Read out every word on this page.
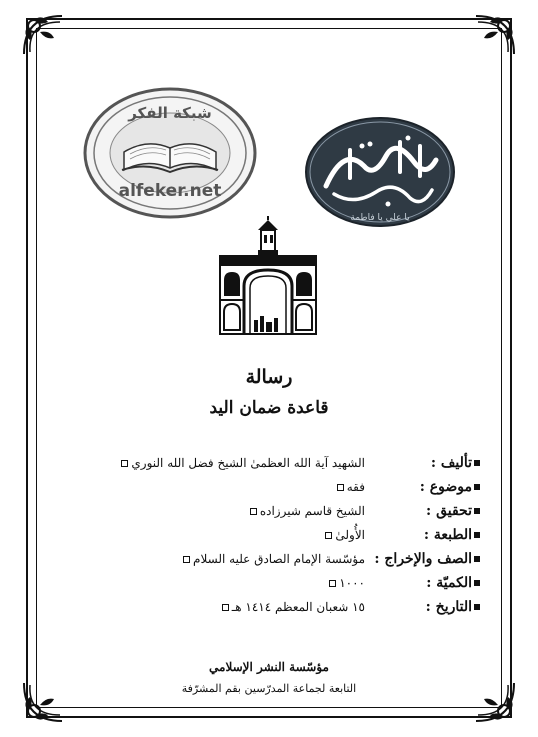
شبكة الفكر
alfeker.net
يا علي يا فاطمة
رسالة
قاعدة ضمان اليد
تأليف :
الشهيد آية الله العظمىٰ الشيخ فضل الله النوري
موضوع :
فقه
تحقيق :
الشيخ قاسم شيرزاده
الطبعة :
الأُولىٰ
الصف والإخراج :
مؤسّسة الإمام الصادق عليه السلام
الكميّة :
١٠٠٠
التاريخ :
١٥ شعبان المعظم ١٤١٤ هـ
مؤسّسة النشر الإسلامي
التابعة لجماعة المدرّسين بقم المشرّفة
